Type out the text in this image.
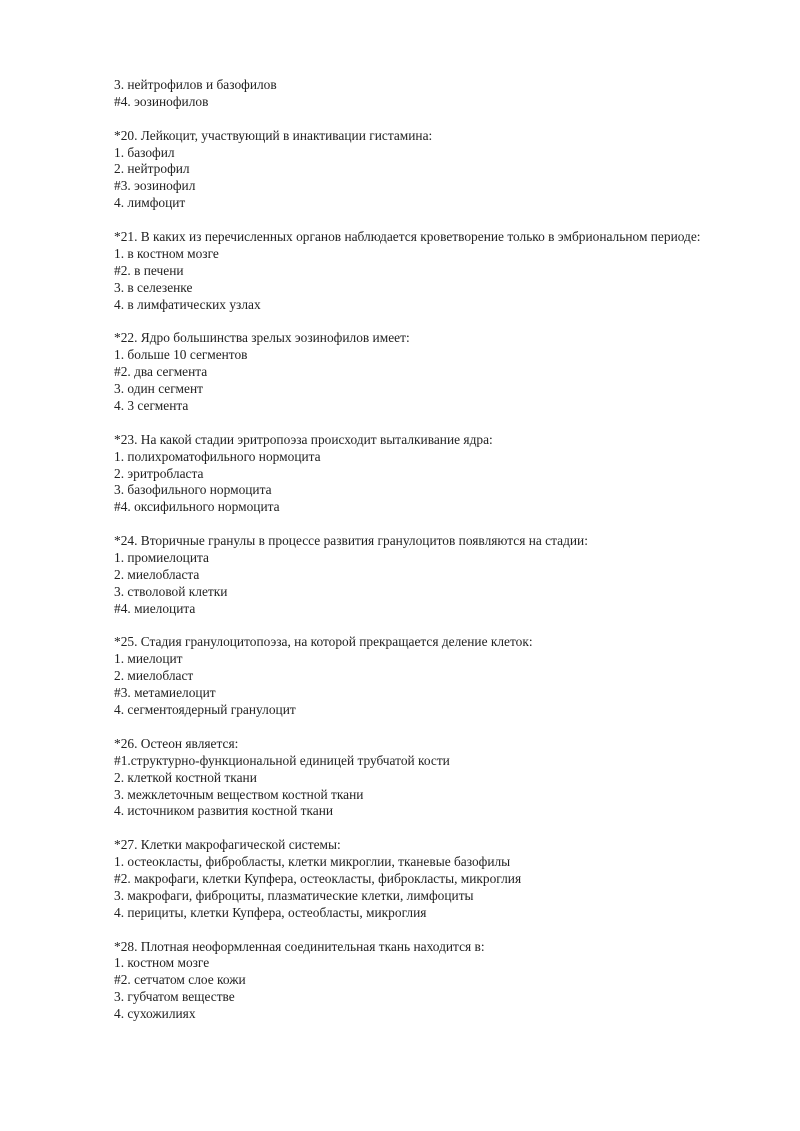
3. нейтрофилов и базофилов
#4. эозинофилов
*20. Лейкоцит, участвующий в инактивации гистамина:
1. базофил
2. нейтрофил
#3. эозинофил
4. лимфоцит
*21. В каких из перечисленных органов наблюдается кроветворение только в эмбриональном периоде:
1. в костном мозге
#2. в печени
3. в селезенке
4. в лимфатических узлах
*22. Ядро большинства зрелых эозинофилов имеет:
1. больше 10 сегментов
#2. два сегмента
3. один сегмент
4. 3 сегмента
*23. На какой стадии эритропоэза происходит выталкивание ядра:
1. полихроматофильного нормоцита
2. эритробласта
3. базофильного нормоцита
#4. оксифильного нормоцита
*24. Вторичные гранулы в процессе развития гранулоцитов появляются на стадии:
1. промиелоцита
2. миелобласта
3. стволовой клетки
#4. миелоцита
*25. Стадия гранулоцитопоэза, на которой прекращается деление клеток:
1. миелоцит
2. миелобласт
#3. метамиелоцит
4. сегментоядерный гранулоцит
*26. Остеон является:
#1.структурно-функциональной единицей трубчатой кости
2. клеткой костной ткани
3. межклеточным веществом костной ткани
4. источником развития костной ткани
*27. Клетки макрофагической системы:
1. остеокласты, фибробласты, клетки микроглии, тканевые базофилы
#2. макрофаги, клетки Купфера, остеокласты, фиброкласты, микроглия
3. макрофаги, фиброциты, плазматические клетки, лимфоциты
4. перициты, клетки Купфера, остеобласты, микроглия
*28. Плотная неоформленная соединительная ткань находится в:
1. костном мозге
#2. сетчатом слое кожи
3. губчатом веществе
4. сухожилиях
